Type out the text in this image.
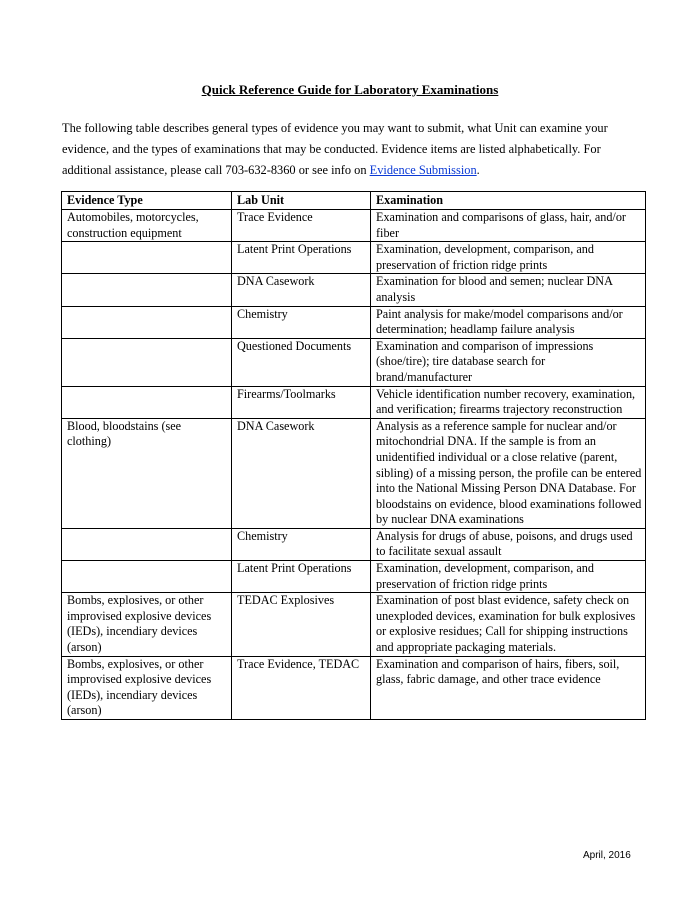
Quick Reference Guide for Laboratory Examinations

The following table describes general types of evidence you may want to submit, what Unit can examine your evidence, and the types of examinations that may be conducted. Evidence items are listed alphabetically. For additional assistance, please call 703-632-8360 or see info on Evidence Submission.

Evidence Type	Lab Unit	Examination
Automobiles, motorcycles, construction equipment	Trace Evidence	Examination and comparisons of glass, hair, and/or fiber
	Latent Print Operations	Examination, development, comparison, and preservation of friction ridge prints
	DNA Casework	Examination for blood and semen; nuclear DNA analysis
	Chemistry	Paint analysis for make/model comparisons and/or determination; headlamp failure analysis
	Questioned Documents	Examination and comparison of impressions (shoe/tire); tire database search for brand/manufacturer
	Firearms/Toolmarks	Vehicle identification number recovery, examination, and verification; firearms trajectory reconstruction
Blood, bloodstains (see clothing)	DNA Casework	Analysis as a reference sample for nuclear and/or mitochondrial DNA. If the sample is from an unidentified individual or a close relative (parent, sibling) of a missing person, the profile can be entered into the National Missing Person DNA Database. For bloodstains on evidence, blood examinations followed by nuclear DNA examinations
	Chemistry	Analysis for drugs of abuse, poisons, and drugs used to facilitate sexual assault
	Latent Print Operations	Examination, development, comparison, and preservation of friction ridge prints
Bombs, explosives, or other improvised explosive devices (IEDs), incendiary devices (arson)	TEDAC Explosives	Examination of post blast evidence, safety check on unexploded devices, examination for bulk explosives or explosive residues; Call for shipping instructions and appropriate packaging materials.
Bombs, explosives, or other improvised explosive devices (IEDs), incendiary devices (arson)	Trace Evidence, TEDAC	Examination and comparison of hairs, fibers, soil, glass, fabric damage, and other trace evidence
April, 2016
